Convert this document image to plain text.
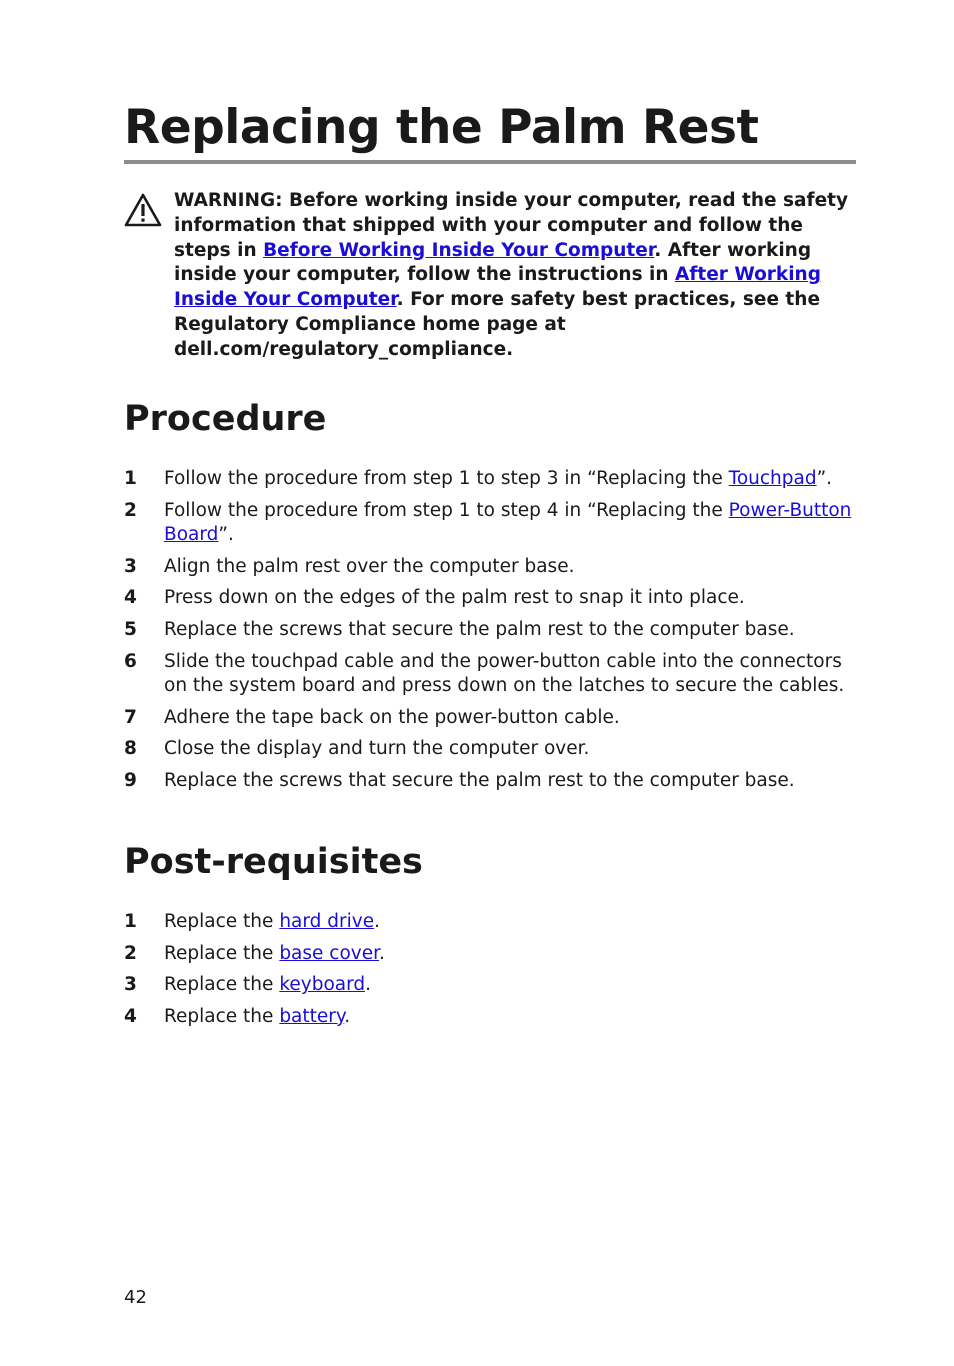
Replacing the Palm Rest
WARNING: Before working inside your computer, read the safety information that shipped with your computer and follow the steps in Before Working Inside Your Computer. After working inside your computer, follow the instructions in After Working Inside Your Computer. For more safety best practices, see the Regulatory Compliance home page at dell.com/regulatory_compliance.
Procedure
1 Follow the procedure from step 1 to step 3 in “Replacing the Touchpad”.
2 Follow the procedure from step 1 to step 4 in “Replacing the Power-Button Board”.
3 Align the palm rest over the computer base.
4 Press down on the edges of the palm rest to snap it into place.
5 Replace the screws that secure the palm rest to the computer base.
6 Slide the touchpad cable and the power-button cable into the connectors on the system board and press down on the latches to secure the cables.
7 Adhere the tape back on the power-button cable.
8 Close the display and turn the computer over.
9 Replace the screws that secure the palm rest to the computer base.
Post-requisites
1 Replace the hard drive.
2 Replace the base cover.
3 Replace the keyboard.
4 Replace the battery.
42
